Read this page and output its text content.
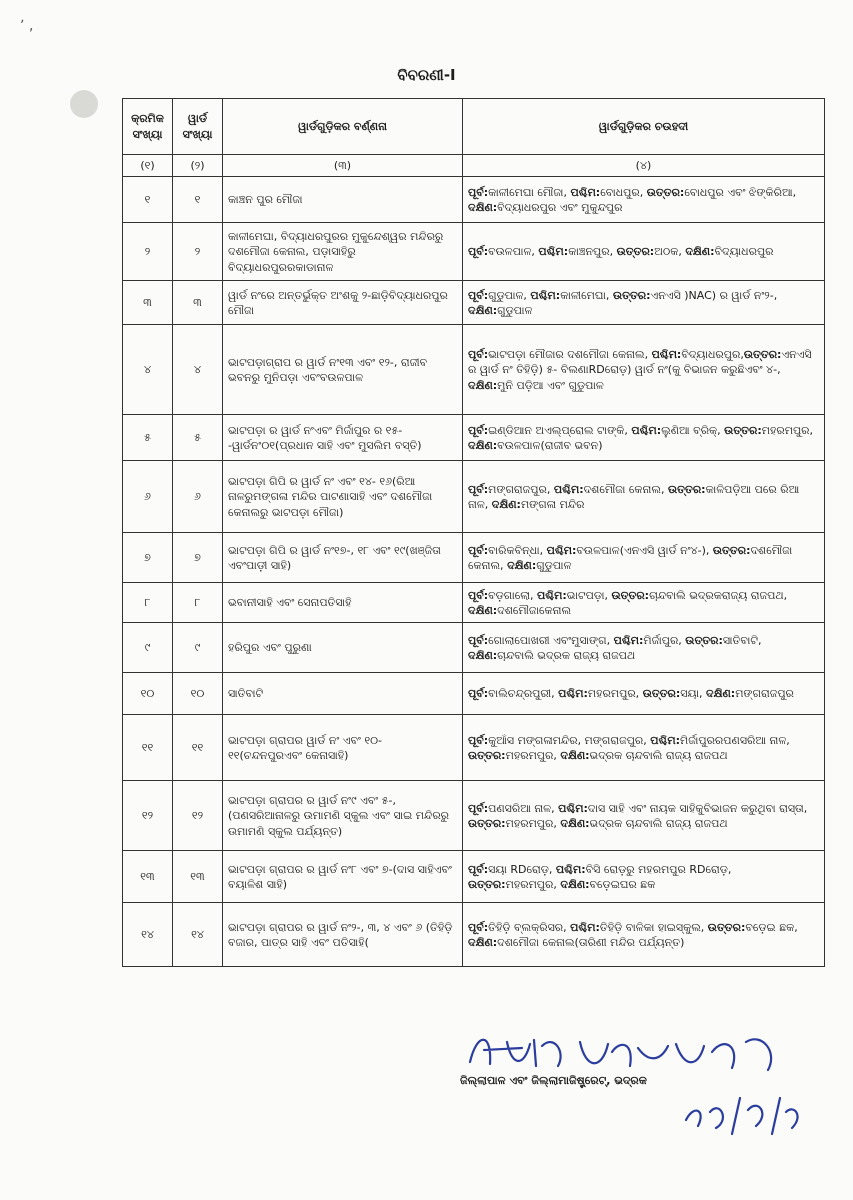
ʼ ‚
ବିବରଣୀ-I
କ୍ରମିକ ସଂଖ୍ୟା	ୱାର୍ଡ ସଂଖ୍ୟା	ୱାର୍ଡଗୁଡ଼ିକର ବର୍ଣ୍ଣନା	ୱାର୍ଡଗୁଡ଼ିକର ଚଉହଦୀ
(୧)	(୨)	(୩)	(୪)
୧	୧	କାଞ୍ଚନ ପୁର ମୌଜା	ପୂର୍ବ:କାଳୀମେଘା ମୌଜା, ପଶ୍ଚିମ:ବୋଧପୁର, ଉତ୍ତର:ବୋଧପୁର ଏବଂ ଝିଙ୍କିରିଆ, ଦକ୍ଷିଣ:ବିଦ୍ୟାଧରପୁର ଏବଂ ମୁକୁନ୍ଦପୁର
୨	୨	କାଳୀମେଘା, ବିଦ୍ୟାଧରପୁରର ମୁକୁନ୍ଦେଶ୍ୱର ମନ୍ଦିରରୁ ଦଶମୌଜା କେନାଲ, ପଡ଼ାସାହିରୁ ବିଦ୍ୟାଧରପୁରରକାଡାନାଳ	ପୂର୍ବ:ବଉଳପାଳ, ପଶ୍ଚିମ:କାଞ୍ଚନପୁର, ଉତ୍ତର:ଅଠକ, ଦକ୍ଷିଣ:ବିଦ୍ୟାଧରପୁର
୩	୩	ୱାର୍ଡ ନଂରେ ଅନ୍ତର୍ଭୁକ୍ତ ଅଂଶକୁ ୨-ଛାଡ଼ିବିଦ୍ୟାଧରପୁର ମୌଜା	ପୂର୍ବ:ଗୁଡୁପାଳ, ପଶ୍ଚିମ:କାଳୀମେଘା, ଉତ୍ତର:ଏନଏସି )NAC) ର ୱାର୍ଡ ନଂ୨-, ଦକ୍ଷିଣ:ଗୁଡୁପାଳ
୪	୪	ଭାଟପଡ଼ାଗ୍ରାପ ର ୱାର୍ଡ ନଂ୧୩ ଏବଂ ୧୨-, ରାଜୀବ ଭବନରୁ ମୁନିପଡ଼ା ଏବଂବଉଳପାଳ	ପୂର୍ବ:ଭାଟପଡ଼ା ମୌଜାର ଦଶମୌଜା କେନାଲ, ପଶ୍ଚିମ:ବିଦ୍ୟାଧରପୁର,ଉତ୍ତର:ଏନଏସି ର ୱାର୍ଡ ନଂ ତିହିଡ଼ି) ୫- ବିଲଣାRDରୋଡ଼) ୱାର୍ଡ ନଂ(କୁ ବିଭାଜନ କରୁଛିଏବଂ ୪-, ଦକ୍ଷିଣ:ମୁନି ପଡ଼ିଆ ଏବଂ ଗୁଡୁପାଳ
୫	୫	ଭାଟପଡ଼ା ର ୱାର୍ଡ ନଂଏବଂ ମିର୍ଜାପୁର ର ୧୫- -ୱାର୍ଡନଂ୦୧(ପ୍ରଧାନ ସାହି ଏବଂ ମୁସଲିମ ବସ୍ତି)	ପୂର୍ବ:ଇଣ୍ଡିଆନ ଅଏଲ୍‌ପ୍ରୋଲ ଟାଙ୍କି, ପଶ୍ଚିମ:ଲୁଣିଆ ବ୍ରିକ୍, ଉତ୍ତର:ମହରମପୁର, ଦକ୍ଷିଣ:ବଉଳପାଳ(ରାଜୀବ ଭବନ)
୬	୬	ଭାଟପଡ଼ା ଗିପି ର ୱାର୍ଡ ନଂ ଏବଂ ୧୪- ୧୬(ରିଆ ନାଳରୁମଙ୍ଗଳା ମନ୍ଦିର ପାଟଣାସାହି ଏବଂ ଦଶମୌଜା କେନାଲରୁ ଭାଟପଡ଼ା ମୌଜା)	ପୂର୍ବ:ମଙ୍ଗରାଜପୁର, ପଶ୍ଚିମ:ଦଶମୌଜା କେନାଲ, ଉତ୍ତର:କାଳିପଡ଼ିଆ ପରେ ରିଆ ନାଳ, ଦକ୍ଷିଣ:ମଙ୍ଗଳା ମନ୍ଦିର
୭	୭	ଭାଟପଡ଼ା ଗିପି ର ୱାର୍ଡ ନଂ୧୭-, ୧୮ ଏବଂ ୧୯(ଖଞ୍ଜିତା ଏବଂପାଡ଼ୀ ସାହି)	ପୂର୍ବ:ବାରିକବିନ୍ଧା, ପଶ୍ଚିମ:ବଉଳପାଳ(ଏନଏସି ୱାର୍ଡ ନଂ୪-), ଉତ୍ତର:ଦଶମୌଜା କେନାଲ, ଦକ୍ଷିଣ:ଗୁଡୁପାଳ
୮	୮	ଭବାନୀସାହି ଏବଂ ସେନାପତିସାହି	ପୂର୍ବ:ବଡ଼ଗାଲୋ, ପଶ୍ଚିମ:ଭାଟପଡ଼ା, ଉତ୍ତର:ଚାନ୍ଦବାଲି ଭଦ୍ରକରାଜ୍ୟ ରାଜପଥ, ଦକ୍ଷିଣ:ଦଶମୌଜାକେନାଲ
୯	୯	ହରିପୁର ଏବଂ ପୁରୁଣା	ପୂର୍ବ:ଗୋଲାପୋଖରୀ ଏବଂମୁସାଙ୍ଗ, ପଶ୍ଚିମ:ମିର୍ଜାପୁର, ଉତ୍ତର:ସାତିବାଟି, ଦକ୍ଷିଣ:ଚାନ୍ଦବାଲି ଭଦ୍ରକ ରାଜ୍ୟ ରାଜପଥ
୧୦	୧୦	ସାତିବାଟି	ପୂର୍ବ:ବାଲିଚନ୍ଦ୍ରପୁରୀ, ପଶ୍ଚିମ:ମହରମପୁର, ଉତ୍ତର:ସୟା, ଦକ୍ଷିଣ:ମଙ୍ଗରାଜପୁର
୧୧	୧୧	ଭାଟପଡ଼ା ଗ୍ରାପର ୱାର୍ଡ ନଂ ଏବଂ ୧୦- ୧୧(ଚନ୍ଦନପୁରଏବଂ କେନାସାହି)	ପୂର୍ବ:କୁଆଁସ ମଙ୍ଗଳାମନ୍ଦିର, ମଙ୍ଗରାଜପୁର, ପଶ୍ଚିମ:ମିର୍ଜାପୁରରପଣସରିଆ ନାଳ, ଉତ୍ତର:ମହରମପୁର, ଦକ୍ଷିଣ:ଭଦ୍ରକ ଚାନ୍ଦବାଲି ରାଜ୍ୟ ରାଜପଥ
୧୨	୧୨	ଭାଟପଡ଼ା ଗ୍ରାପର ର ୱାର୍ଡ ନଂ୯ ଏବଂ ୫-, (ପଣସରିଆନାଳରୁ ଉମାମଣି ସ୍କୁଲ ଏବଂ ସାଇ ମନ୍ଦିରରୁ ଉମାମଣି ସ୍କୁଲ ପର୍ଯ୍ୟନ୍ତ)	ପୂର୍ବ:ପଣସରିଆ ନାଳ, ପଶ୍ଚିମ:ଦାସ ସାହି ଏବଂ ନାୟକ ସାହିକୁବିଭାଜନ କରୁଥିବା ରାସ୍ତା, ଉତ୍ତର:ମହରମପୁର, ଦକ୍ଷିଣ:ଭଦ୍ରକ ଚାନ୍ଦବାଲି ରାଜ୍ୟ ରାଜପଥ
୧୩	୧୩	ଭାଟପଡ଼ା ଗ୍ରାପର ର ୱାର୍ଡ ନଂ୮ ଏବଂ ୭-(ଦାସ ସାହିଏବଂ ବୟାଳିଶ ସାହି)	ପୂର୍ବ:ସୟା RDରୋଡ଼, ପଶ୍ଚିମ:ବିସି ରୋଡ଼ରୁ ମହରମପୁର RDରୋଡ଼, ଉତ୍ତର:ମହରମପୁର, ଦକ୍ଷିଣ:ବଡ଼େଇଘର ଛକ
୧୪	୧୪	ଭାଟପଡ଼ା ଗ୍ରାପର ର ୱାର୍ଡ ନଂ୨-, ୩, ୪ ଏବଂ ୬ (ତିହିଡ଼ି ବଜାର, ପାତ୍ର ସାହି ଏବଂ ପତିସାହି(	ପୂର୍ବ:ତିହିଡ଼ି ବ୍ଲକ୍‌ରିସର, ପଶ୍ଚିମ:ତିହିଡ଼ି ବାଳିକା ହାଇସ୍କୁଲ, ଉତ୍ତର:ବଡ଼େଇ ଛକ, ଦକ୍ଷିଣ:ଦଶମୌଜା କେନାଲ(ତାରିଣୀ ମନ୍ଦିର ପର୍ଯ୍ୟନ୍ତ)
ଜିଲ୍ଲାପାଳ ଏବଂ ଜିଲ୍ଲାମାଜିଷ୍ଟ୍ରେଟ୍, ଭଦ୍ରକ
